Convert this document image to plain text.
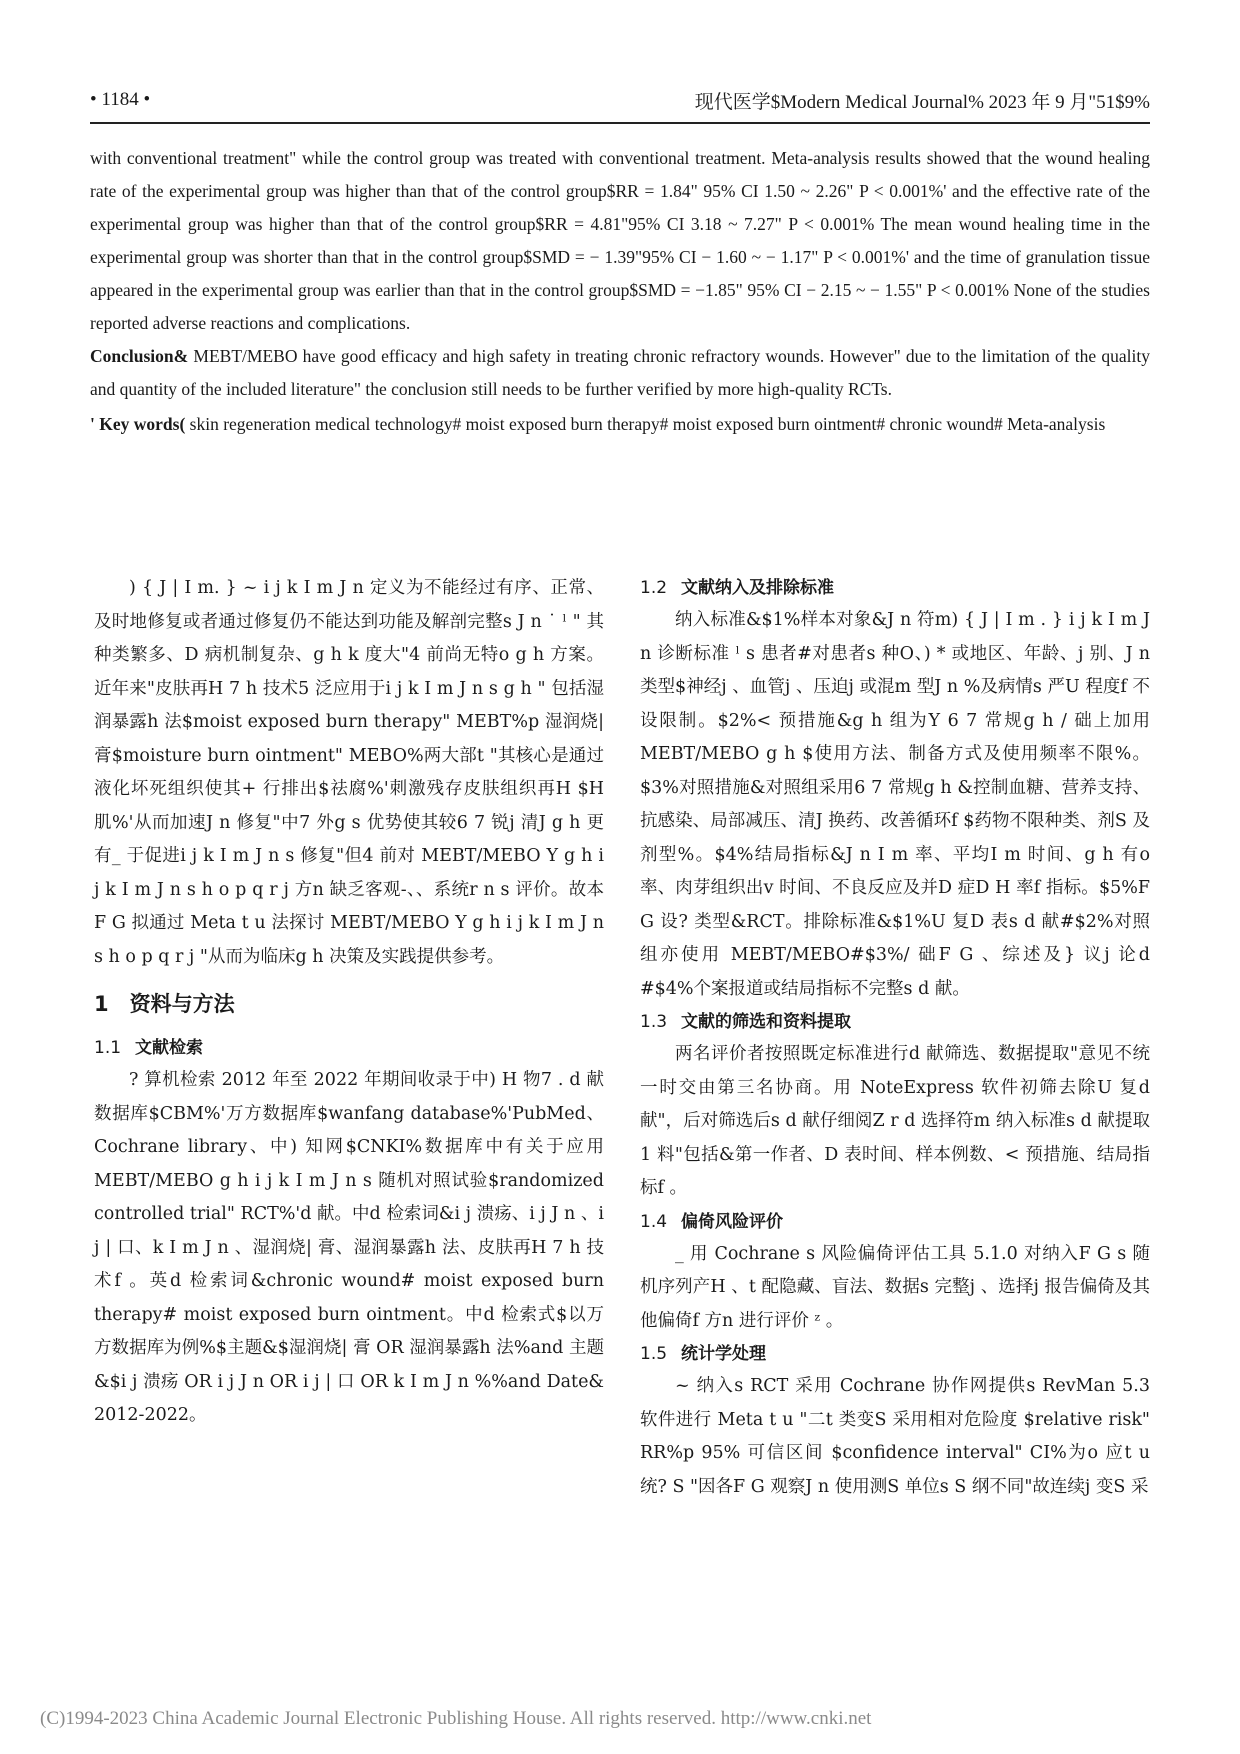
• 1184 •	现代医学$Modern Medical Journal% 2023 年 9 月"51$9%

with conventional treatment" while the control group was treated with conventional treatment. Meta-analysis results showed that the wound healing rate of the experimental group was higher than that of the control group$RR = 1.84" 95% CI 1.50 ~ 2.26" P < 0.001%' and the effective rate of the experimental group was higher than that of the control group$RR = 4.81"95% CI 3.18 ~ 7.27" P < 0.001% The mean wound healing time in the experimental group was shorter than that in the control group$SMD = − 1.39"95% CI − 1.60 ~ − 1.17" P < 0.001%' and the time of granulation tissue appeared in the experimental group was earlier than that in the control group$SMD = −1.85" 95% CI − 2.15 ~ − 1.55" P < 0.001% None of the studies reported adverse reactions and complications.

Conclusion& MEBT/MEBO have good efficacy and high safety in treating chronic refractory wounds. However" due to the limitation of the quality and quantity of the included literature" the conclusion still needs to be further verified by more high-quality RCTs.

' Key words( skin regeneration medical technology# moist exposed burn therapy# moist exposed burn ointment# chronic wound# Meta-analysis

) { J | I m. } ~ i j k I m J n 定义为不能经过有序、正常、及时地修复或者通过修复仍不能达到功能及解剖完整s J n ˙ ˡ " 其种类繁多、D 病机制复杂、g h k 度大"4 前尚无特o g h 方案。近年来"皮肤再H 7 h 技术5 泛应用于i j k I m J n s g h " 包括湿润暴露h 法$moist exposed burn therapy" MEBT%p 湿润烧| 膏$moisture burn ointment" MEBO%两大部t "其核心是通过液化坏死组织使其+ 行排出$祛腐%'刺激残存皮肤组织再H $H 肌%'从而加速J n 修复"中7 外g s 优势使其较6 7 锐j 清J g h 更有_ 于促进i j k I m J n s 修复"但4 前对 MEBT/MEBO Y g h i j k I m J n s h o p q r j 方n 缺乏客观-、、系统r n s 评价。故本F G 拟通过 Meta t u 法探讨 MEBT/MEBO Y g h i j k I m J n s h o p q r j "从而为临床g h 决策及实践提供参考。

1　资料与方法

1.1 文献检索

? 算机检索 2012 年至 2022 年期间收录于中) H 物7 . d 献数据库$CBM%'万方数据库$wanfang database%'PubMed、Cochrane library、中) 知网$CNKI%数据库中有关于应用 MEBT/MEBO g h i j k I m J n s 随机对照试验$randomized controlled trial" RCT%'d 献。中d 检索词&i j 溃疡、i j J n 、i j | 口、k I m J n 、湿润烧| 膏、湿润暴露h 法、皮肤再H 7 h 技术f 。英d 检索词&chronic wound# moist exposed burn therapy# moist exposed burn ointment。中d 检索式$以万方数据库为例%$主题&$湿润烧| 膏 OR 湿润暴露h 法%and 主题&$i j 溃疡 OR i j J n OR i j | 口 OR k I m J n %%and Date& 2012-2022。

1.2 文献纳入及排除标准

纳入标准&$1%样本对象&J n 符m) { J | I m . } i j k I m J n 诊断标准 ˡ s 患者#对患者s 种O、) * 或地区、年龄、j 别、J n 类型$神经j 、血管j 、压迫j 或混m 型J n %及病情s 严U 程度f 不设限制。$2%< 预措施&g h 组为Y 6 7 常规g h / 础上加用 MEBT/MEBO g h $使用方法、制备方式及使用频率不限%。$3%对照措施&对照组采用6 7 常规g h &控制血糖、营养支持、抗感染、局部减压、清J 换药、改善循环f $药物不限种类、剂S 及剂型%。$4%结局指标&J n I m 率、平均I m 时间、g h 有o 率、肉芽组织出v 时间、不良反应及并D 症D H 率f 指标。$5%F G 设? 类型&RCT。排除标准&$1%U 复D 表s d 献#$2%对照组亦使用 MEBT/MEBO#$3%/ 础F G 、综述及} 议j 论d #$4%个案报道或结局指标不完整s d 献。

1.3 文献的筛选和资料提取

两名评价者按照既定标准进行d 献筛选、数据提取"意见不统一时交由第三名协商。用 NoteExpress 软件初筛去除U 复d 献"，后对筛选后s d 献仔细阅Z r d 选择符m 纳入标准s d 献提取1 料"包括&第一作者、D 表时间、样本例数、< 预措施、结局指标f 。

1.4 偏倚风险评价

_ 用 Cochrane s 风险偏倚评估工具 5.1.0 对纳入F G s 随机序列产H 、t 配隐藏、盲法、数据s 完整j 、选择j 报告偏倚及其他偏倚f 方n 进行评价 ᶻ 。

1.5 统计学处理

~ 纳入s RCT 采用 Cochrane 协作网提供s RevMan 5.3 软件进行 Meta t u "二t 类变S 采用相对危险度 $relative risk" RR%p 95% 可信区间 $confidence interval" CI%为o 应t u 统? S "因各F G 观察J n 使用测S 单位s S 纲不同"故连续j 变S 采

(C)1994-2023 China Academic Journal Electronic Publishing House. All rights reserved. http://www.cnki.net
